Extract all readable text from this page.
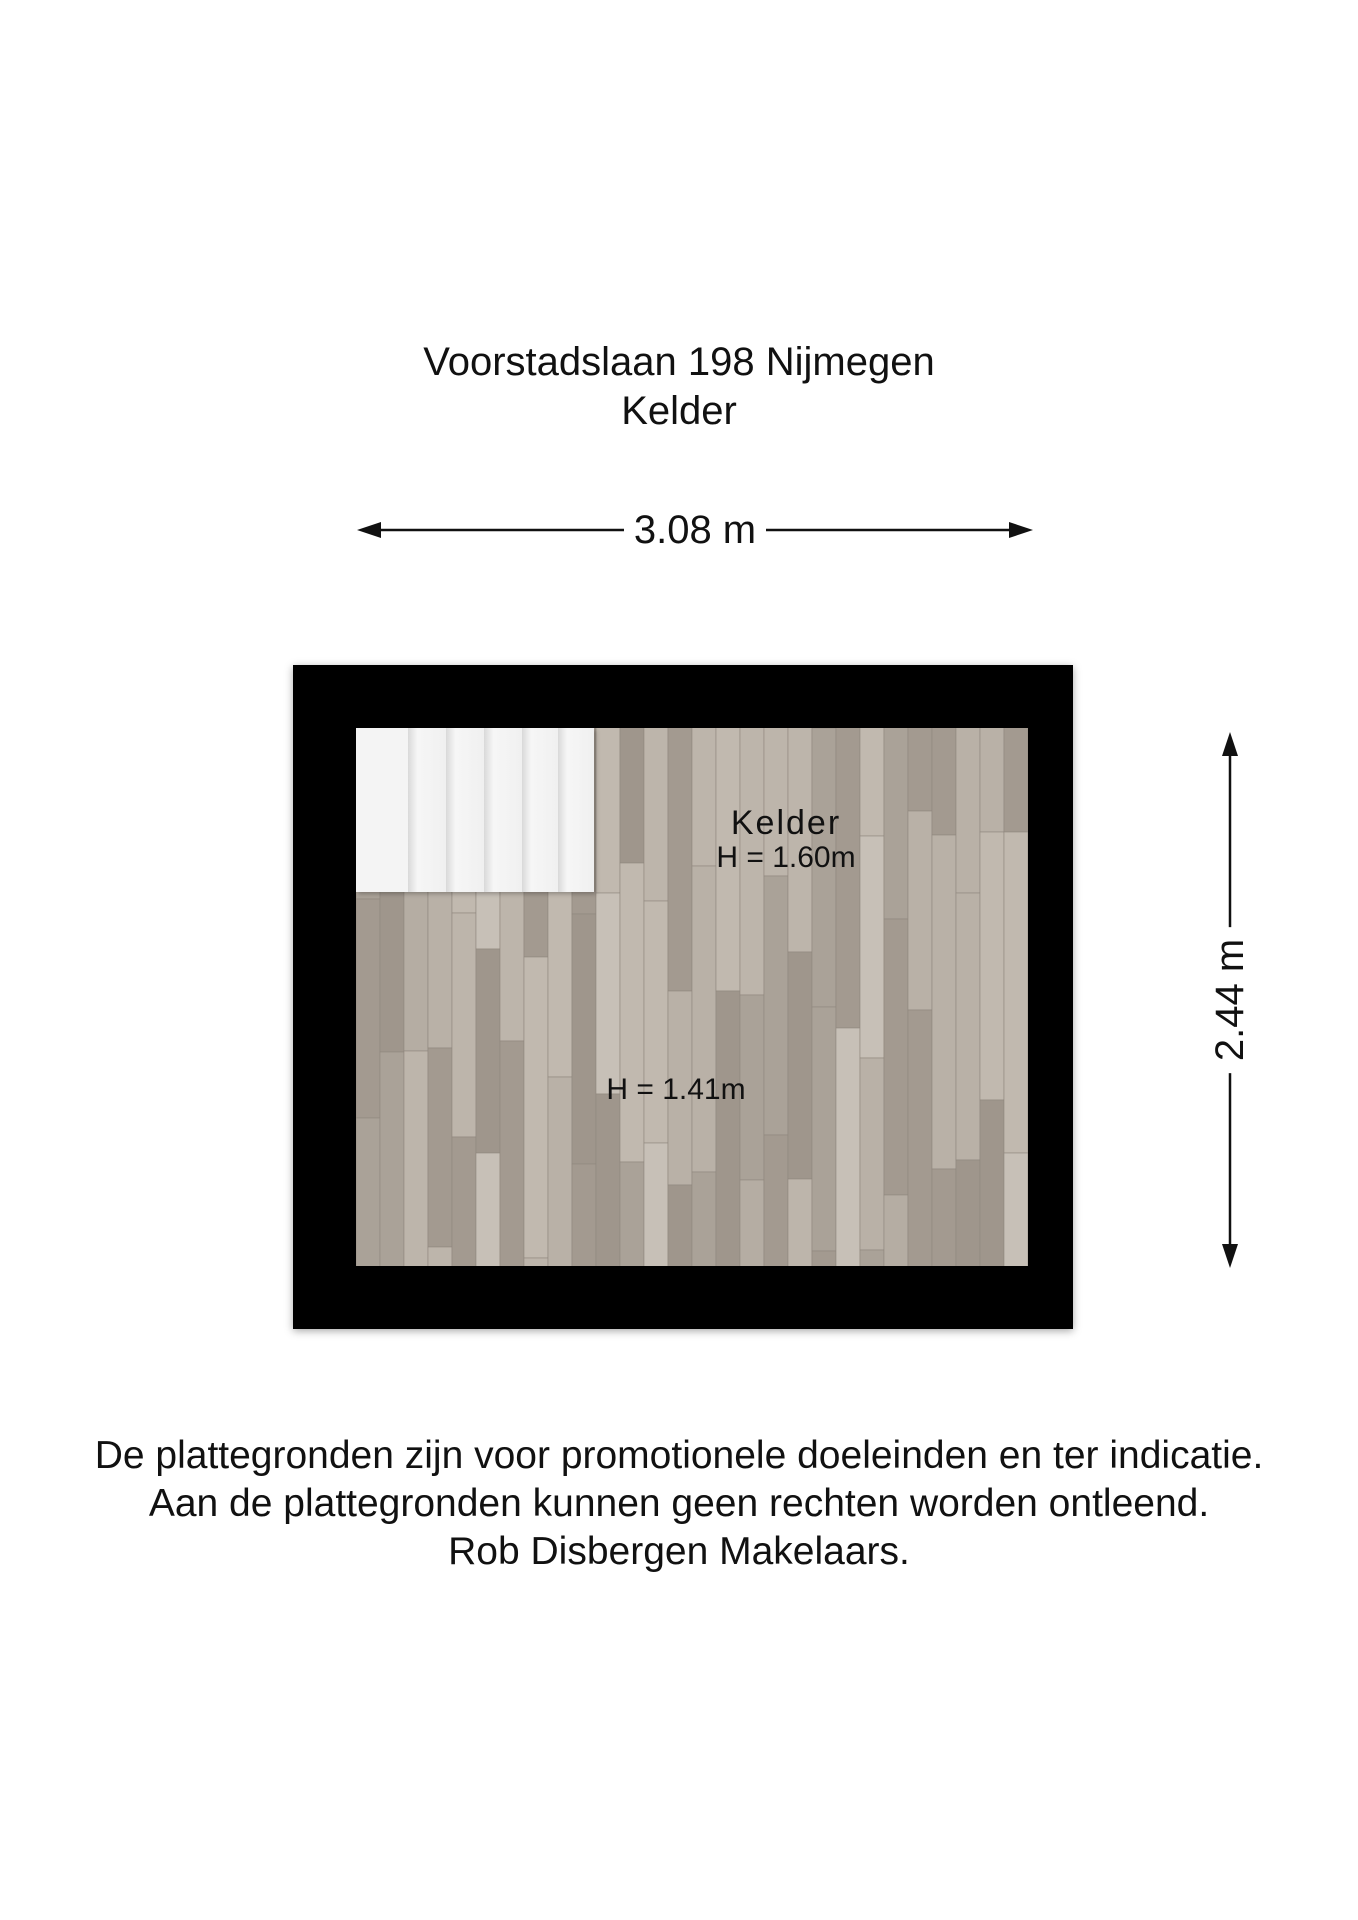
Voorstadslaan 198 Nijmegen
Kelder
3.08 m
2.44 m
Kelder
H = 1.60m
H = 1.41m
De plattegronden zijn voor promotionele doeleinden en ter indicatie.
Aan de plattegronden kunnen geen rechten worden ontleend.
Rob Disbergen Makelaars.
